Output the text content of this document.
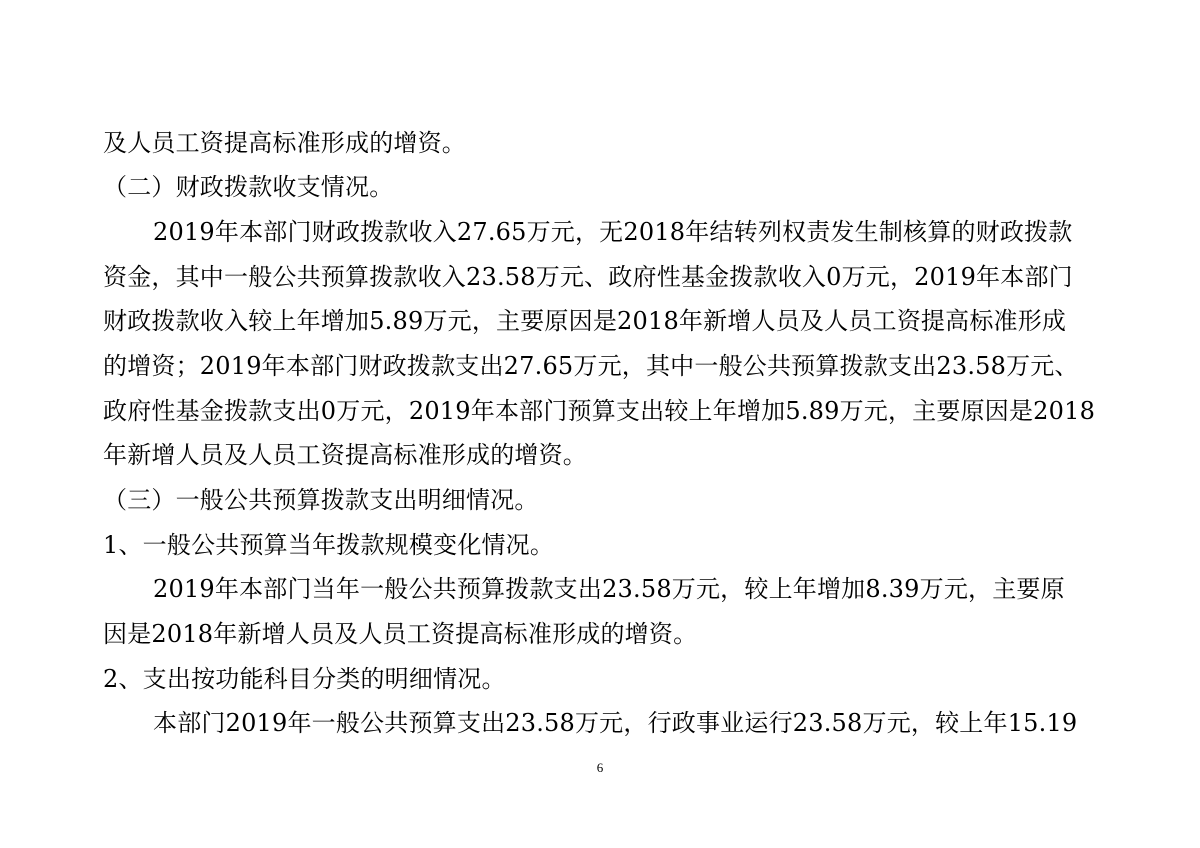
及人员工资提高标准形成的增资。
（二）财政拨款收支情况。
2019年本部门财政拨款收入27.65万元，无2018年结转列权责发生制核算的财政拨款
资金，其中一般公共预算拨款收入23.58万元、政府性基金拨款收入0万元，2019年本部门
财政拨款收入较上年增加5.89万元，主要原因是2018年新增人员及人员工资提高标准形成
的增资；2019年本部门财政拨款支出27.65万元，其中一般公共预算拨款支出23.58万元、
政府性基金拨款支出0万元，2019年本部门预算支出较上年增加5.89万元，主要原因是2018
年新增人员及人员工资提高标准形成的增资。
（三）一般公共预算拨款支出明细情况。
1、一般公共预算当年拨款规模变化情况。
2019年本部门当年一般公共预算拨款支出23.58万元，较上年增加8.39万元，主要原
因是2018年新增人员及人员工资提高标准形成的增资。
2、支出按功能科目分类的明细情况。
本部门2019年一般公共预算支出23.58万元，行政事业运行23.58万元，较上年15.19
6
